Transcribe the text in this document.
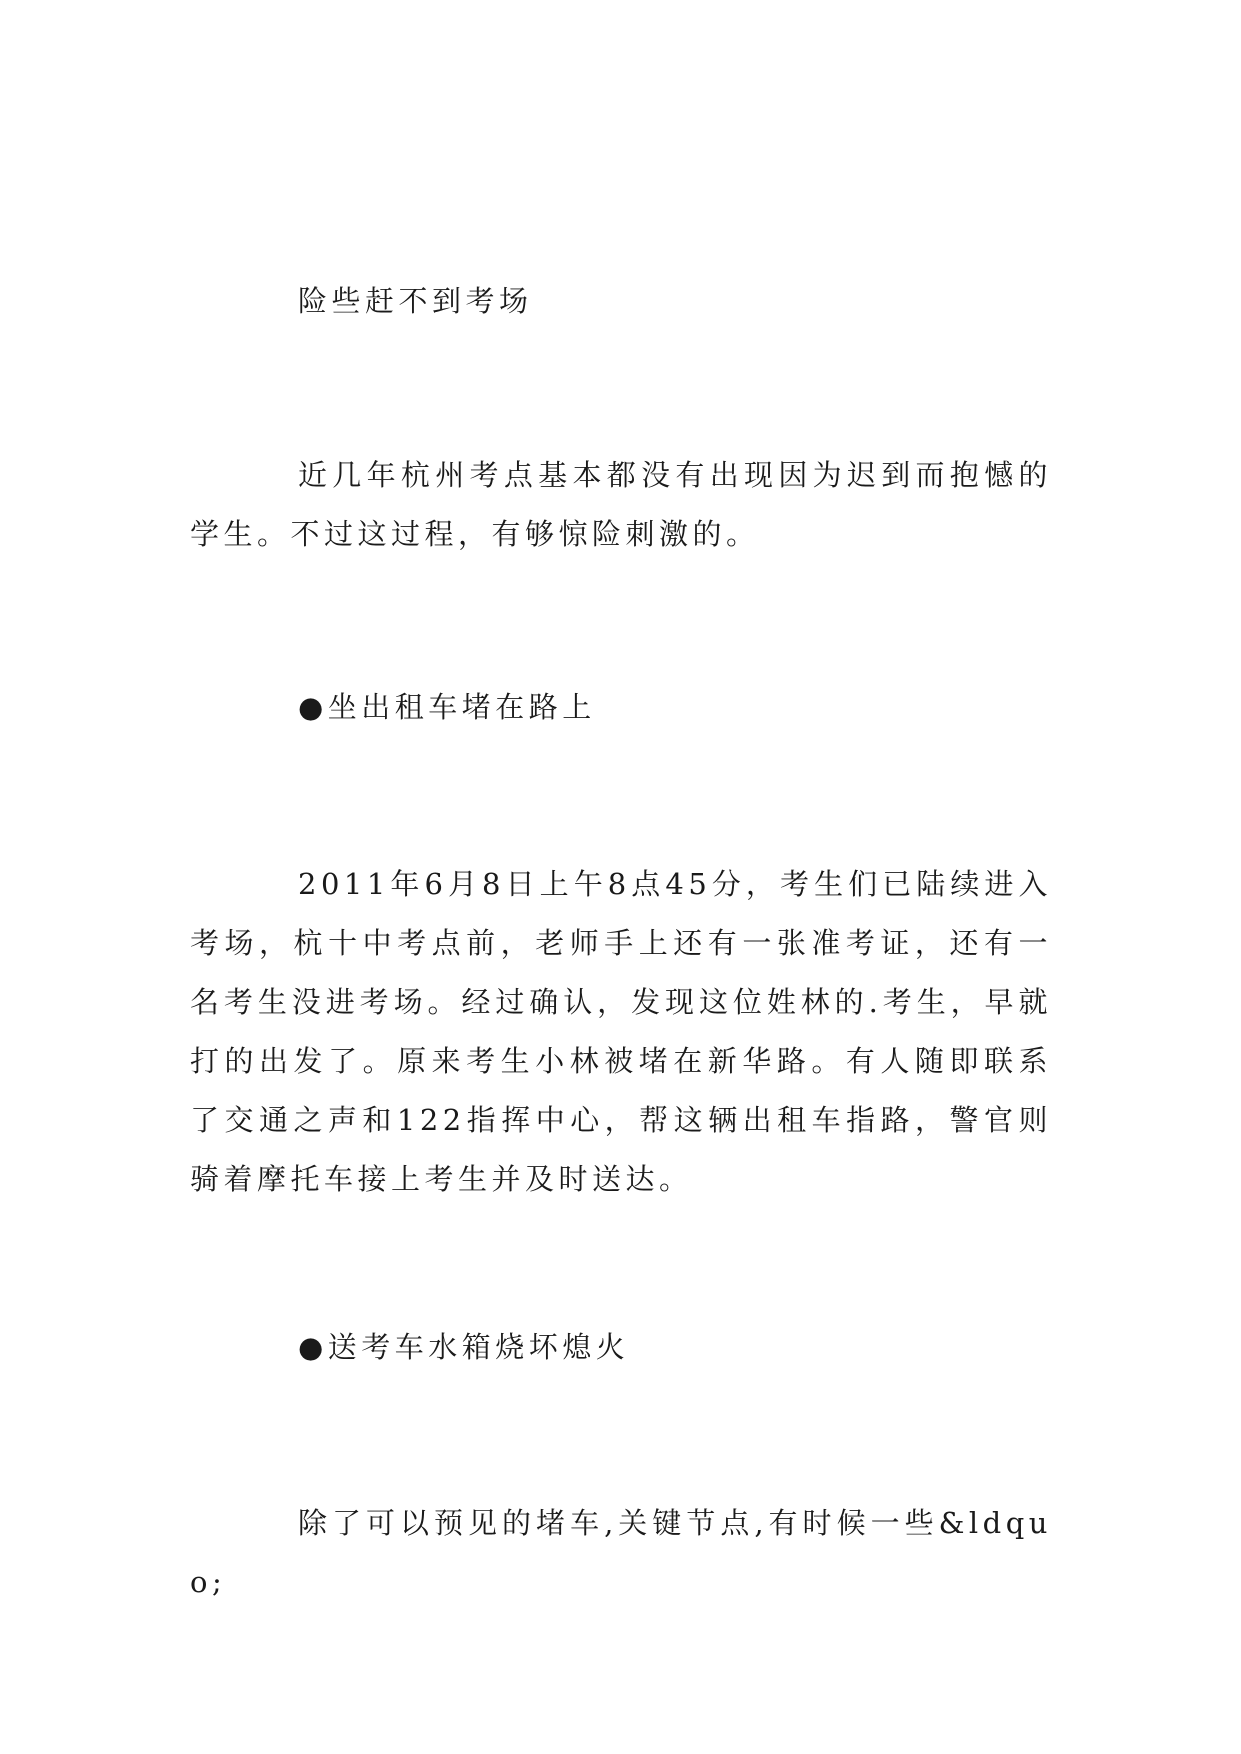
险些赶不到考场

近几年杭州考点基本都没有出现因为迟到而抱憾的学生。不过这过程，有够惊险刺激的。

●坐出租车堵在路上

2011年6月8日上午8点45分，考生们已陆续进入考场，杭十中考点前，老师手上还有一张准考证，还有一名考生没进考场。经过确认，发现这位姓林的.考生，早就打的出发了。原来考生小林被堵在新华路。有人随即联系了交通之声和122指挥中心，帮这辆出租车指路，警官则骑着摩托车接上考生并及时送达。

●送考车水箱烧坏熄火

除了可以预见的堵车,关键节点,有时候一些&ldquo;
